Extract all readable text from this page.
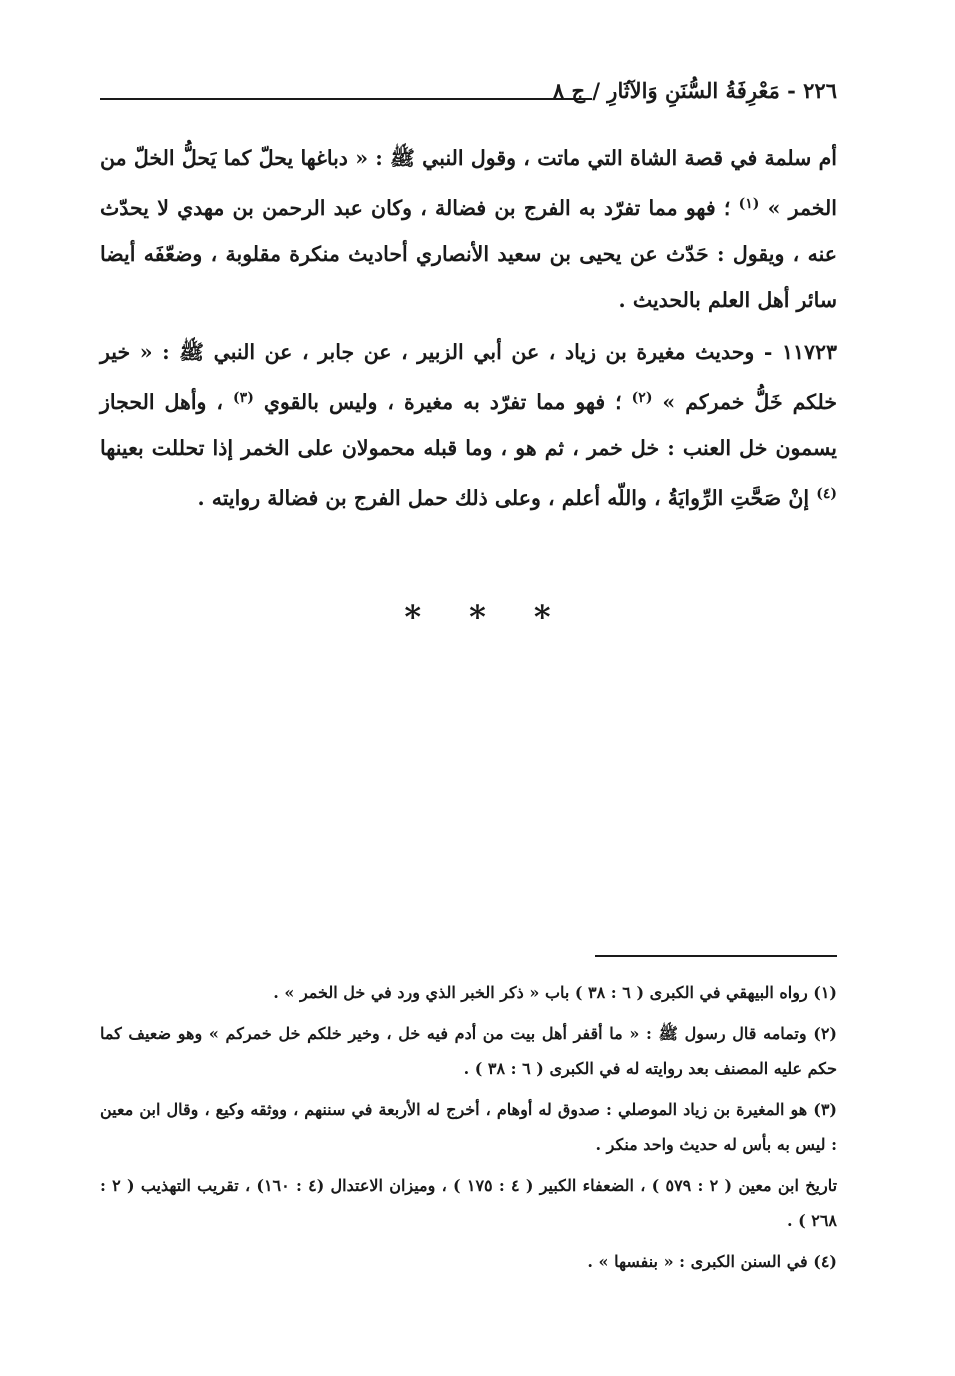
٢٢٦ - مَعْرِفَةُ السُّنَنِ وَالآثَارِ / ج ٨

أم سلمة في قصة الشاة التي ماتت ، وقول النبي ﷺ : « دباغها يحلّ كما يَحلُّ الخلّ من الخمر » $^{(١)}$ ؛ فهو مما تفرّد به الفرج بن فضالة ، وكان عبد الرحمن بن مهدي لا يحدّث عنه ، ويقول : حَدّث عن يحيى بن سعيد الأنصاري أحاديث منكرة مقلوبة ، وضعّفَه أيضا سائر أهل العلم بالحديث .

١١٧٢٣ - وحديث مغيرة بن زياد ، عن أبي الزبير ، عن جابر ، عن النبي ﷺ : « خير خلكم خَلُّ خمركم » $^{(٢)}$ ؛ فهو مما تفرّد به مغيرة ، وليس بالقوي $^{(٣)}$ ، وأهل الحجاز يسمون خل العنب : خل خمر ، ثم هو ، وما قبله محمولان على الخمر إذا تحللت بعينها $^{(٤)}$ إنْ صَحَّتِ الرِّوايَةُ ، واللّه أعلم ، وعلى ذلك حمل الفرج بن فضالة روايته .

* * *

(١) رواه البيهقي في الكبرى ( ٦ : ٣٨ ) باب « ذكر الخبر الذي ورد في خل الخمر » .

(٢) وتمامه قال رسول ﷺ : « ما أقفر أهل بيت من أدم فيه خل ، وخير خلكم خل خمركم » وهو ضعيف كما حكم عليه المصنف بعد روايته له في الكبرى ( ٦ : ٣٨ ) .

(٣) هو المغيرة بن زياد الموصلي : صدوق له أوهام ، أخرج له الأربعة في سننهم ، ووثقه وكيع ، وقال ابن معين : ليس به بأس له حديث واحد منكر .

تاريخ ابن معين ( ٢ : ٥٧٩ ) ، الضعفاء الكبير ( ٤ : ١٧٥ ) ، وميزان الاعتدال (٤ : ١٦٠) ، تقريب التهذيب ( ٢ : ٢٦٨ ) .

(٤) في السنن الكبرى : « بنفسها » .
